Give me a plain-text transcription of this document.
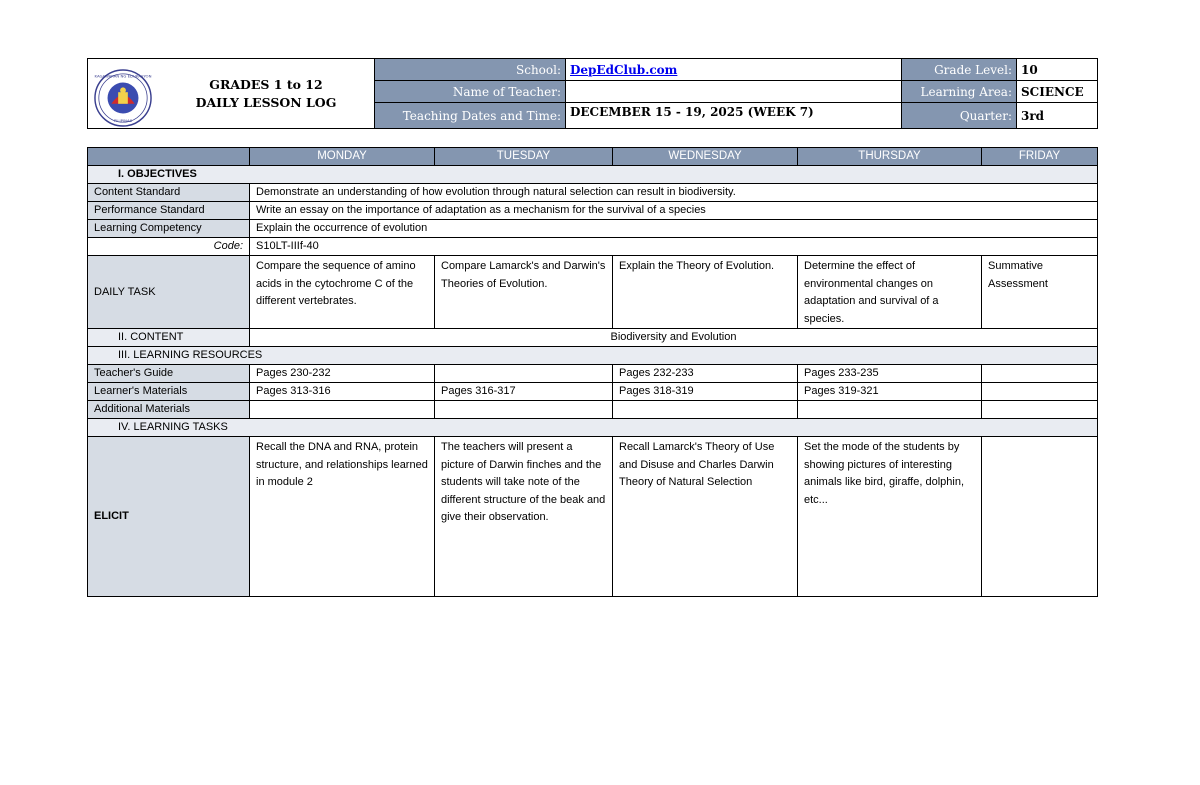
KAGAWARAN NG EDUKASYON
PILIPINAS
GRADES 1 to 12
DAILY LESSON LOG	School:	DepEdClub.com	Grade Level:	10
	Name of Teacher:		Learning Area:	SCIENCE
	Teaching Dates and Time:	DECEMBER 15 - 19, 2025 (WEEK 7)	Quarter:	3rd
	MONDAY	TUESDAY	WEDNESDAY	THURSDAY	FRIDAY
I. OBJECTIVES					
Content Standard	Demonstrate an understanding of how evolution through natural selection can result in biodiversity.				
Performance Standard	Write an essay on the importance of adaptation as a mechanism for the survival of a species				
Learning Competency	Explain the occurrence of evolution				
Code:	S10LT-IIIf-40				
DAILY TASK	Compare the sequence of amino acids in the cytochrome C of the different vertebrates.	Compare Lamarck's and Darwin's Theories of Evolution.	Explain the Theory of Evolution.	Determine the effect of environmental changes on adaptation and survival of a species.	Summative Assessment
II. CONTENT	Biodiversity and Evolution				
III. LEARNING RESOURCES					
Teacher's Guide	Pages 230-232		Pages 232-233	Pages 233-235	
Learner's Materials	Pages 313-316	Pages 316-317	Pages 318-319	Pages 319-321	
Additional Materials					
IV. LEARNING TASKS					
ELICIT	Recall the DNA and RNA, protein structure, and relationships learned in module 2	The teachers will present a picture of Darwin finches and the students will take note of the different structure of the beak and give their observation.	Recall Lamarck's Theory of Use and Disuse and Charles Darwin Theory of Natural Selection	Set the mode of the students by showing pictures of interesting animals like bird, giraffe, dolphin, etc...	
